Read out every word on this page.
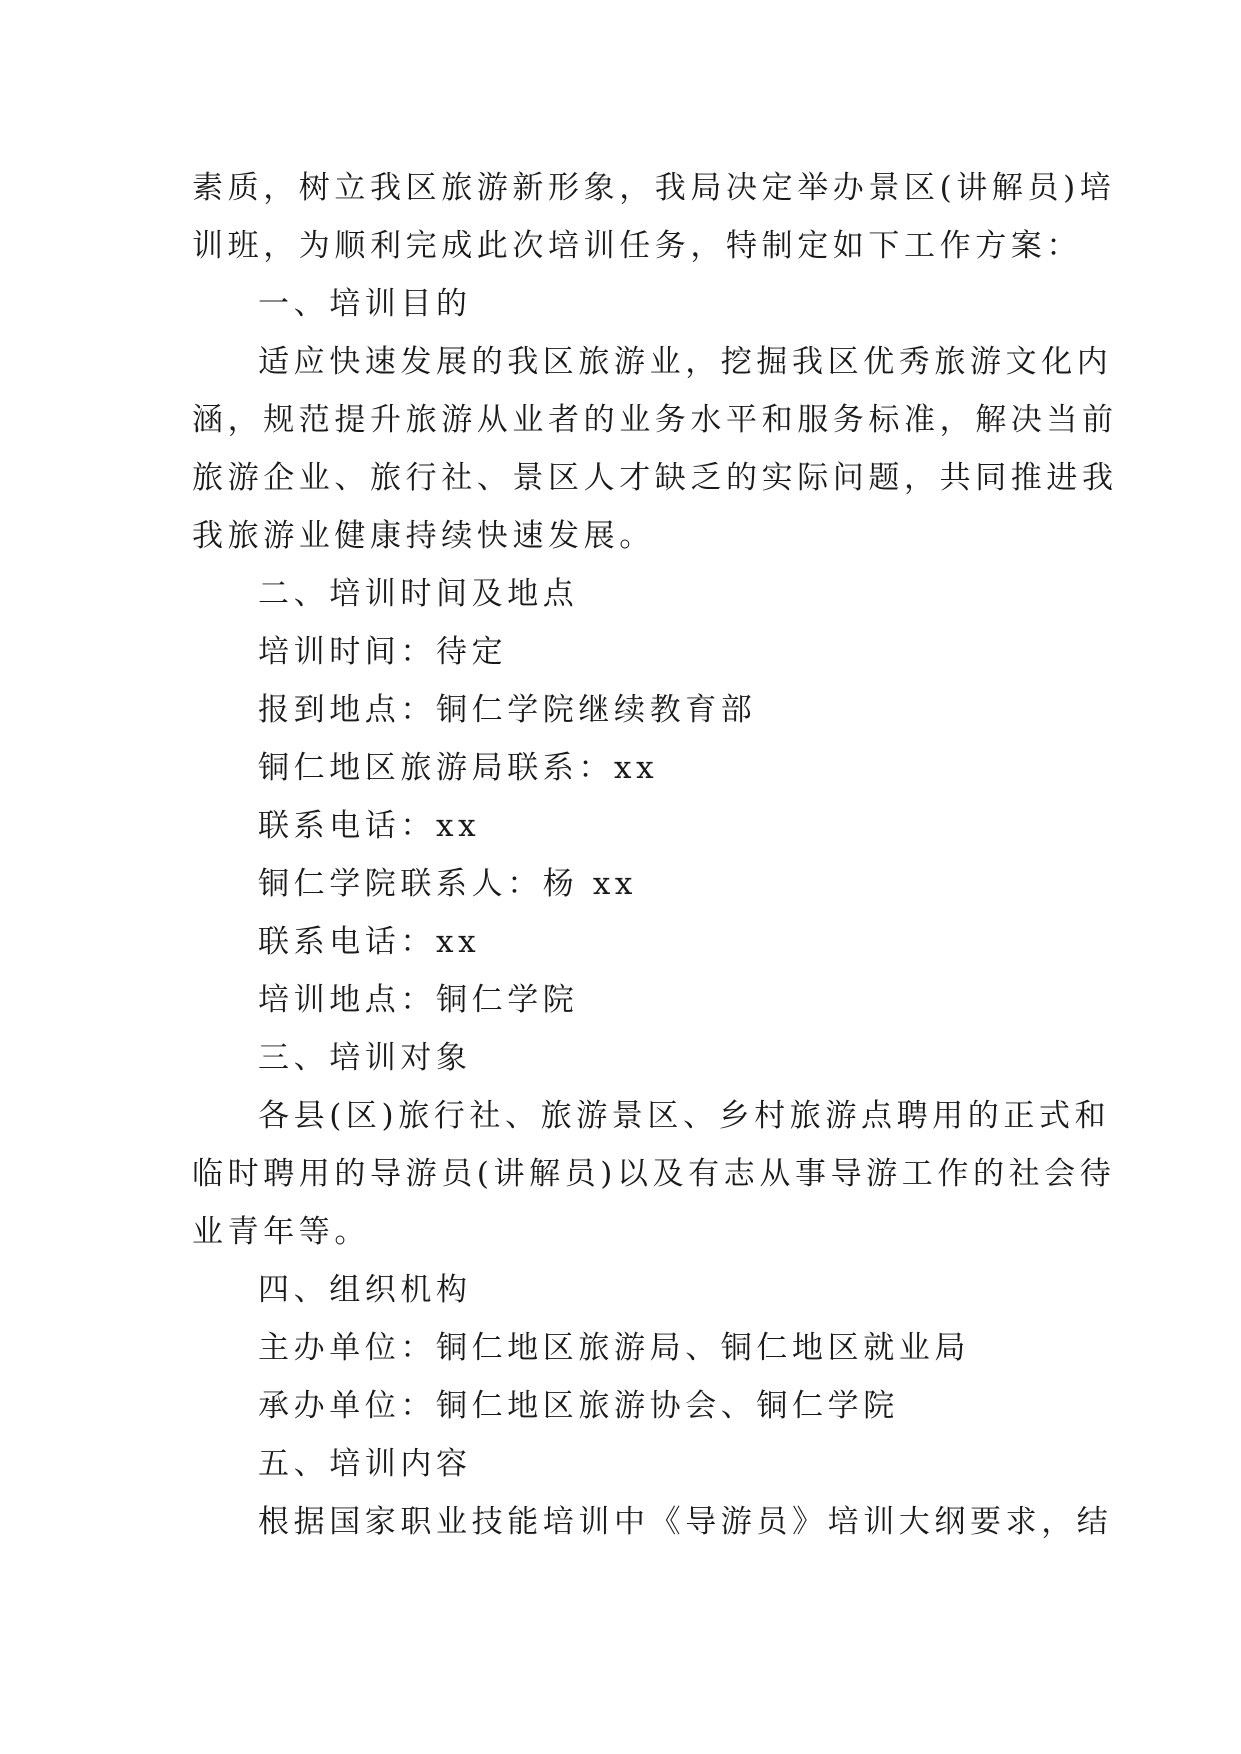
素质，树立我区旅游新形象，我局决定举办景区(讲解员)培
训班，为顺利完成此次培训任务，特制定如下工作方案：
一、培训目的
适应快速发展的我区旅游业，挖掘我区优秀旅游文化内
涵，规范提升旅游从业者的业务水平和服务标准，解决当前
旅游企业、旅行社、景区人才缺乏的实际问题，共同推进我
我旅游业健康持续快速发展。
二、培训时间及地点
培训时间：待定
报到地点：铜仁学院继续教育部
铜仁地区旅游局联系：xx
联系电话：xx
铜仁学院联系人：杨 xx
联系电话：xx
培训地点：铜仁学院
三、培训对象
各县(区)旅行社、旅游景区、乡村旅游点聘用的正式和
临时聘用的导游员(讲解员)以及有志从事导游工作的社会待
业青年等。
四、组织机构
主办单位：铜仁地区旅游局、铜仁地区就业局
承办单位：铜仁地区旅游协会、铜仁学院
五、培训内容
根据国家职业技能培训中《导游员》培训大纲要求，结
